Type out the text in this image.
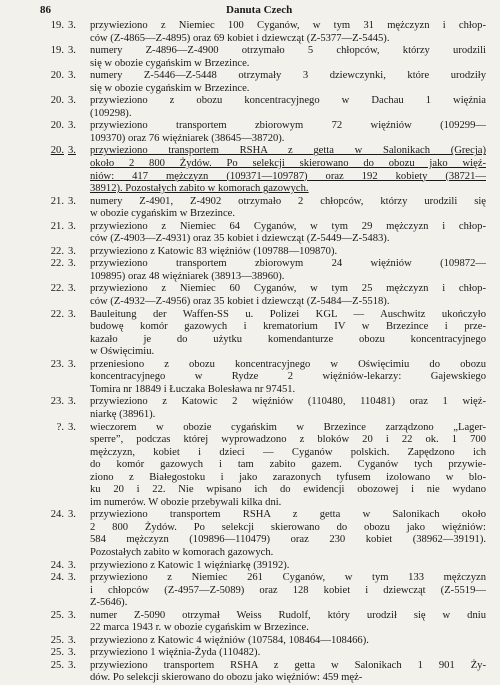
86	Danuta Czech
19. 3.	przywieziono z Niemiec 100 Cyganów, w tym 31 mężczyzn i chłop-
ców (Z-4865—Z-4895) oraz 69 kobiet i dziewcząt (Z-5377—Z-5445).
19. 3.	numery Z-4896—Z-4900 otrzymało 5 chłopców, którzy urodzili
się w obozie cygańskim w Brzezince.
20. 3.	numery Z-5446—Z-5448 otrzymały 3 dziewczynki, które urodziły
się w obozie cygańskim w Brzezince.
20. 3.	przywieziono z obozu koncentracyjnego w Dachau 1 więźnia
(109298).
20. 3.	przywieziono transportem zbiorowym 72 więźniów (109299—
109370) oraz 76 więźniarek (38645—38720).
20. 3.	przywieziono transportem RSHA z getta w Salonikach (Grecja)
około 2 800 Żydów. Po selekcji skierowano do obozu jako więź-
niów: 417 mężczyzn (109371—109787) oraz 192 kobiety (38721—
38912). Pozostałych zabito w komorach gazowych.
21. 3.	numery Z-4901, Z-4902 otrzymało 2 chłopców, którzy urodzili się
w obozie cygańskim w Brzezince.
21. 3.	przywieziono z Niemiec 64 Cyganów, w tym 29 mężczyzn i chłop-
ców (Z-4903—Z-4931) oraz 35 kobiet i dziewcząt (Z-5449—Z-5483).
22. 3.	przywieziono z Katowic 83 więźniów (109788—109870).
22. 3.	przywieziono transportem zbiorowym 24 więźniów (109872—
109895) oraz 48 więźniarek (38913—38960).
22. 3.	przywieziono z Niemiec 60 Cyganów, w tym 25 mężczyzn i chłop-
ców (Z-4932—Z-4956) oraz 35 kobiet i dziewcząt (Z-5484—Z-5518).
22. 3.	Bauleitung der Waffen-SS u. Polizei KGL — Auschwitz ukończyło
budowę komór gazowych i krematorium IV w Brzezince i prze-
kazało je do użytku komendanturze obozu koncentracyjnego
w Oświęcimiu.
23. 3.	przeniesiono z obozu koncentracyjnego w Oświęcimiu do obozu
koncentracyjnego w Rydze 2 więźniów-lekarzy: Gajewskiego
Tomira nr 18849 i Łuczaka Bolesława nr 97451.
23. 3.	przywieziono z Katowic 2 więźniów (110480, 110481) oraz 1 więź-
niarkę (38961).
?. 3.	wieczorem w obozie cygańskim w Brzezince zarządzono „Lager-
sperre”, podczas której wyprowadzono z bloków 20 i 22 ok. 1 700
mężczyzn, kobiet i dzieci — Cyganów polskich. Zapędzono ich
do komór gazowych i tam zabito gazem. Cyganów tych przywie-
ziono z Białegostoku i jako zarazonych tyfusem izolowano w blo-
ku 20 i 22. Nie wpisano ich do ewidencji obozowej i nie wydano
im numerów. W obozie przebywali kilka dni.
24. 3.	przywieziono transportem RSHA z getta w Salonikach około
2 800 Żydów. Po selekcji skierowano do obozu jako więźniów:
584 mężczyzn (109896—110479) oraz 230 kobiet (38962—39191).
Pozostałych zabito w komorach gazowych.
24. 3.	przywieziono z Katowic 1 więźniarkę (39192).
24. 3.	przywieziono z Niemiec 261 Cyganów, w tym 133 mężczyzn
i chłopców (Z-4957—Z-5089) oraz 128 kobiet i dziewcząt (Z-5519—
Z-5646).
25. 3.	numer Z-5090 otrzymał Weiss Rudolf, który urodził się w dniu
22 marca 1943 r. w obozie cygańskim w Brzezince.
25. 3.	przywieziono z Katowic 4 więźniów (107584, 108464—108466).
25. 3.	przywieziono 1 więźnia-Żyda (110482).
25. 3.	przywieziono transportem RSHA z getta w Salonikach 1 901 Ży-
dów. Po selekcji skierowano do obozu jako więźniów: 459 męż-
